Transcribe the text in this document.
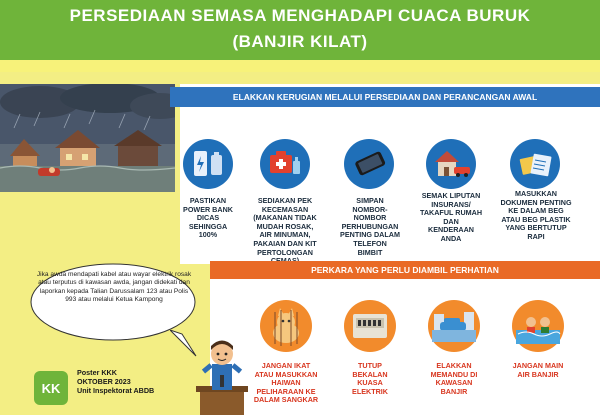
PERSEDIAAN SEMASA MENGHADAPI CUACA BURUK
(BANJIR KILAT)
ELAKKAN KERUGIAN MELALUI PERSEDIAAN DAN PERANCANGAN AWAL
PASTIKAN POWER BANK DICAS SEHINGGA 100%
SEDIAKAN PEK KECEMASAN (MAKANAN TIDAK MUDAH ROSAK, AIR MINUMAN, PAKAIAN DAN KIT PERTOLONGAN
SIMPAN NOMBOR-NOMBOR PERHUBUNGAN PENTING DALAM TELEFON BIMBIT
SEMAK LIPUTAN INSURANS/ TAKAFUL RUMAH DAN KENDERAAN ANDA
MASUKKAN DOKUMEN PENTING KE DALAM BEG ATAU BEG PLASTIK YANG BERTUTUP RAPI
PERKARA YANG PERLU DIAMBIL PERHATIAN
JANGAN IKAT ATAU MASUKKAN HAIWAN PELIHARAAN KE DALAM SANGKAR
TUTUP BEKALAN KUASA ELEKTRIK
ELAKKAN MEMANDU DI KAWASAN BANJIR
JANGAN MAIN AIR BANJIR
Jika awda mendapati kabel atau wayar elektrik rosak atau terputus di kawasan awda, jangan didekati dan laporkan kepada Talian Darussalam 123 atau Polis 993 atau melalui Ketua Kampong
KK
Poster KKK
OKTOBER 2023
Unit Inspektorat ABDB
